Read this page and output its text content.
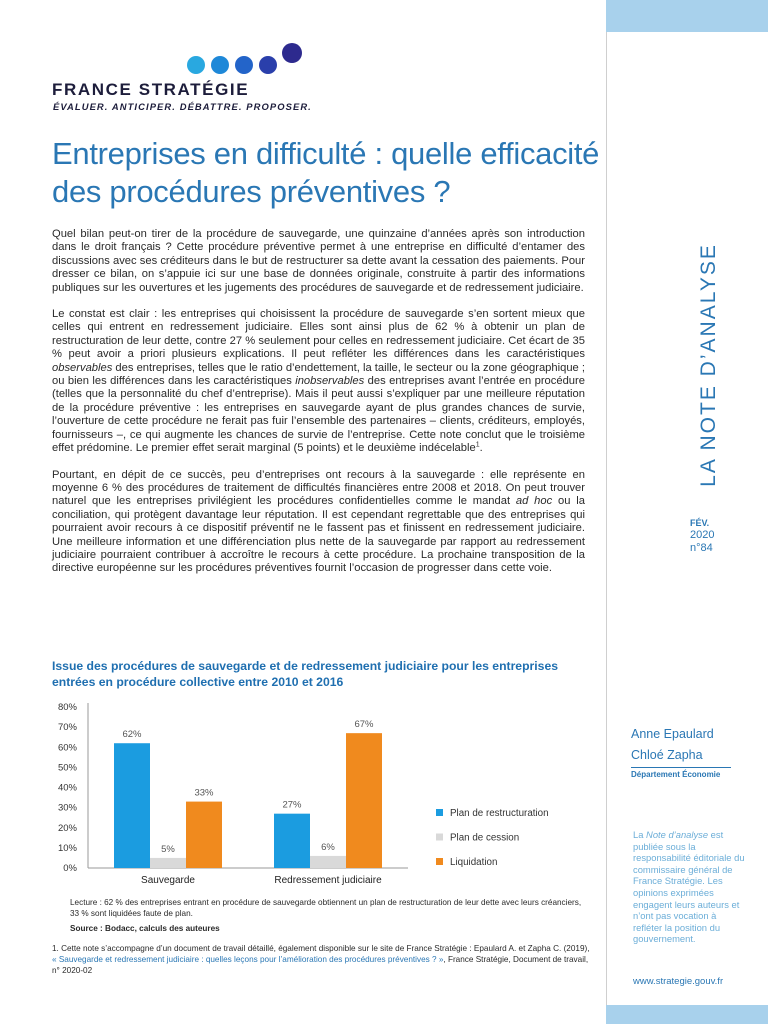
FRANCE STRATÉGIE
ÉVALUER. ANTICIPER. DÉBATTRE. PROPOSER.
Entreprises en difficulté : quelle efficacité des procédures préventives ?

Quel bilan peut-on tirer de la procédure de sauvegarde, une quinzaine d’années après son introduction dans le droit français ? Cette procédure préventive permet à une entreprise en difficulté d’entamer des discussions avec ses créditeurs dans le but de restructurer sa dette avant la cessation des paiements. Pour dresser ce bilan, on s’appuie ici sur une base de données originale, construite à partir des informations publiques sur les ouvertures et les jugements des procédures de sauvegarde et de redressement judiciaire.

Le constat est clair : les entreprises qui choisissent la procédure de sauvegarde s’en sortent mieux que celles qui entrent en redressement judiciaire. Elles sont ainsi plus de 62 % à obtenir un plan de restructuration de leur dette, contre 27 % seulement pour celles en redressement judiciaire. Cet écart de 35 % peut avoir a priori plusieurs explications. Il peut refléter les différences dans les caractéristiques observables des entreprises, telles que le ratio d’endettement, la taille, le secteur ou la zone géographique ; ou bien les différences dans les caractéristiques inobservables des entreprises avant l’entrée en procédure (telles que la personnalité du chef d’entreprise). Mais il peut aussi s’expliquer par une meilleure réputation de la procédure préventive : les entreprises en sauvegarde ayant de plus grandes chances de survie, l’ouverture de cette procédure ne ferait pas fuir l’ensemble des partenaires – clients, créditeurs, employés, fournisseurs –, ce qui augmente les chances de survie de l’entreprise. Cette note conclut que le troisième effet prédomine. Le premier effet serait marginal (5 points) et le deuxième indécelable$^1$.

Pourtant, en dépit de ce succès, peu d’entreprises ont recours à la sauvegarde : elle représente en moyenne 6 % des procédures de traitement de difficultés financières entre 2008 et 2018. On peut trouver naturel que les entreprises privilégient les procédures confidentielles comme le mandat ad hoc ou la conciliation, qui protègent davantage leur réputation. Il est cependant regrettable que des entreprises qui pourraient avoir recours à ce dispositif préventif ne le fassent pas et finissent en redressement judiciaire. Une meilleure information et une différenciation plus nette de la sauvegarde par rapport au redressement judiciaire pourraient contribuer à accroître le recours à cette procédure. La prochaine transposition de la directive européenne sur les procédures préventives fournit l’occasion de progresser dans cette voie.

Issue des procédures de sauvegarde et de redressement judiciaire pour les entreprises entrées en procédure collective entre 2010 et 2016
0%
10%
20%
30%
40%
50%
60%
70%
80%
62%
5%
33%
Sauvegarde
27%
6%
67%
Redressement judiciaire
Plan de restructuration
Plan de cession
Liquidation
Lecture : 62 % des entreprises entrant en procédure de sauvegarde obtiennent un plan de restructuration de leur dette avec leurs créanciers, 33 % sont liquidées faute de plan.
Source : Bodacc, calculs des auteures
1. Cette note s’accompagne d’un document de travail détaillé, également disponible sur le site de France Stratégie : Epaulard A. et Zapha C. (2019), « Sauvegarde et redressement judiciaire : quelles leçons pour l’amélioration des procédures préventives ? », France Stratégie, Document de travail, n° 2020-02
LA NOTE D’ANALYSE
FÉV.
2020
n°84
Anne Epaulard
Chloé Zapha
Département Économie
La Note d’analyse est publiée sous la responsabilité éditoriale du commissaire général de France Stratégie. Les opinions exprimées engagent leurs auteurs et n’ont pas vocation à refléter la position du gouvernement.
www.strategie.gouv.fr
